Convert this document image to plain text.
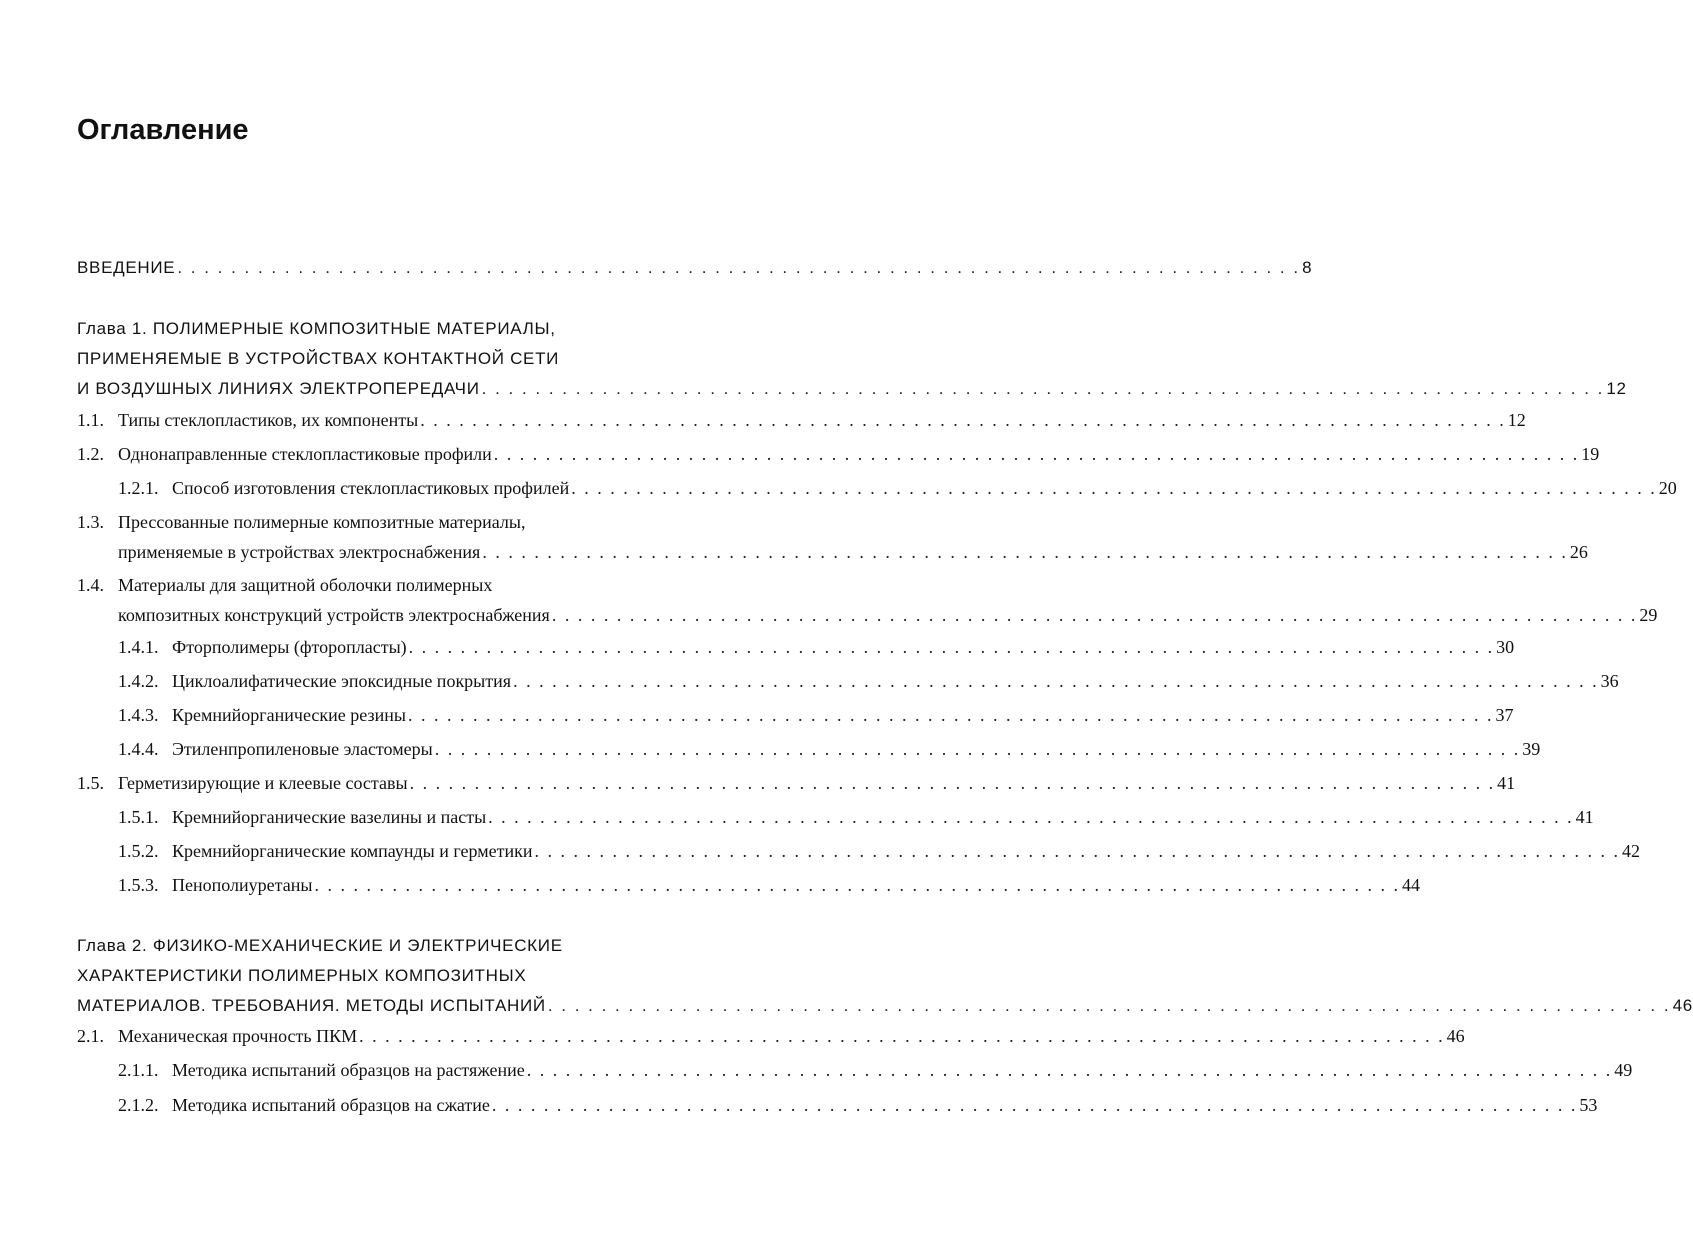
Оглавление
ВВЕДЕНИЕ . . . . . . . . . . . . . . . . . . . . . . . . . . . . . . . . . . . . . . . . . . . . . . . . . . . . . . . . . . . . . . . . . . . . . . . . . . . . . . . . . . . . 8
Глава 1. ПОЛИМЕРНЫЕ КОМПОЗИТНЫЕ МАТЕРИАЛЫ,
ПРИМЕНЯЕМЫЕ В УСТРОЙСТВАХ КОНТАКТНОЙ СЕТИ
И ВОЗДУШНЫХ ЛИНИЯХ ЭЛЕКТРОПЕРЕДАЧИ . . . . . . . . . . . . . . . . . . . . . . . . . . . . . . . . . . . . . . . . . . . . . . . . . . . . . . . . . . . . . . . . . . . . . . . . . . . . . . . . . . . . 12
1.1. Типы стеклопластиков, их компоненты . . . . . . . . . . . . . . . . . . . . . . . . . . . . . . . . . . . . . . . . . . . . . . . . . . . . . . . . . . . . . . . . . . . . . . . . . . . . . . . . . . . . 12
1.2. Однонаправленные стеклопластиковые профили . . . . . . . . . . . . . . . . . . . . . . . . . . . . . . . . . . . . . . . . . . . . . . . . . . . . . . . . . . . . . . . . . . . . . . . . . . . . . . . . . . . . 19
1.2.1. Способ изготовления стеклопластиковых профилей . . . . . . . . . . . . . . . . . . . . . . . . . . . . . . . . . . . . . . . . . . . . . . . . . . . . . . . . . . . . . . . . . . . . . . . . . . . . . . . . . . . . 20
1.3. Прессованные полимерные композитные материалы,
применяемые в устройствах электроснабжения . . . . . . . . . . . . . . . . . . . . . . . . . . . . . . . . . . . . . . . . . . . . . . . . . . . . . . . . . . . . . . . . . . . . . . . . . . . . . . . . . . . . 26
1.4. Материалы для защитной оболочки полимерных
композитных конструкций устройств электроснабжения . . . . . . . . . . . . . . . . . . . . . . . . . . . . . . . . . . . . . . . . . . . . . . . . . . . . . . . . . . . . . . . . . . . . . . . . . . . . . . . . . . . . 29
1.4.1. Фторполимеры (фторопласты) . . . . . . . . . . . . . . . . . . . . . . . . . . . . . . . . . . . . . . . . . . . . . . . . . . . . . . . . . . . . . . . . . . . . . . . . . . . . . . . . . . . . 30
1.4.2. Циклоалифатические эпоксидные покрытия . . . . . . . . . . . . . . . . . . . . . . . . . . . . . . . . . . . . . . . . . . . . . . . . . . . . . . . . . . . . . . . . . . . . . . . . . . . . . . . . . . . . 36
1.4.3. Кремнийорганические резины . . . . . . . . . . . . . . . . . . . . . . . . . . . . . . . . . . . . . . . . . . . . . . . . . . . . . . . . . . . . . . . . . . . . . . . . . . . . . . . . . . . . 37
1.4.4. Этиленпропиленовые эластомеры . . . . . . . . . . . . . . . . . . . . . . . . . . . . . . . . . . . . . . . . . . . . . . . . . . . . . . . . . . . . . . . . . . . . . . . . . . . . . . . . . . . . 39
1.5. Герметизирующие и клеевые составы . . . . . . . . . . . . . . . . . . . . . . . . . . . . . . . . . . . . . . . . . . . . . . . . . . . . . . . . . . . . . . . . . . . . . . . . . . . . . . . . . . . . 41
1.5.1. Кремнийорганические вазелины и пасты . . . . . . . . . . . . . . . . . . . . . . . . . . . . . . . . . . . . . . . . . . . . . . . . . . . . . . . . . . . . . . . . . . . . . . . . . . . . . . . . . . . . 41
1.5.2. Кремнийорганические компаунды и герметики . . . . . . . . . . . . . . . . . . . . . . . . . . . . . . . . . . . . . . . . . . . . . . . . . . . . . . . . . . . . . . . . . . . . . . . . . . . . . . . . . . . . 42
1.5.3. Пенополиуретаны . . . . . . . . . . . . . . . . . . . . . . . . . . . . . . . . . . . . . . . . . . . . . . . . . . . . . . . . . . . . . . . . . . . . . . . . . . . . . . . . . . . . 44
Глава 2. ФИЗИКО-МЕХАНИЧЕСКИЕ И ЭЛЕКТРИЧЕСКИЕ
ХАРАКТЕРИСТИКИ ПОЛИМЕРНЫХ КОМПОЗИТНЫХ
МАТЕРИАЛОВ. ТРЕБОВАНИЯ. МЕТОДЫ ИСПЫТАНИЙ . . . . . . . . . . . . . . . . . . . . . . . . . . . . . . . . . . . . . . . . . . . . . . . . . . . . . . . . . . . . . . . . . . . . . . . . . . . . . . . . . . . . 46
2.1. Механическая прочность ПКМ . . . . . . . . . . . . . . . . . . . . . . . . . . . . . . . . . . . . . . . . . . . . . . . . . . . . . . . . . . . . . . . . . . . . . . . . . . . . . . . . . . . . 46
2.1.1. Методика испытаний образцов на растяжение . . . . . . . . . . . . . . . . . . . . . . . . . . . . . . . . . . . . . . . . . . . . . . . . . . . . . . . . . . . . . . . . . . . . . . . . . . . . . . . . . . . . 49
2.1.2. Методика испытаний образцов на сжатие . . . . . . . . . . . . . . . . . . . . . . . . . . . . . . . . . . . . . . . . . . . . . . . . . . . . . . . . . . . . . . . . . . . . . . . . . . . . . . . . . . . . 53
